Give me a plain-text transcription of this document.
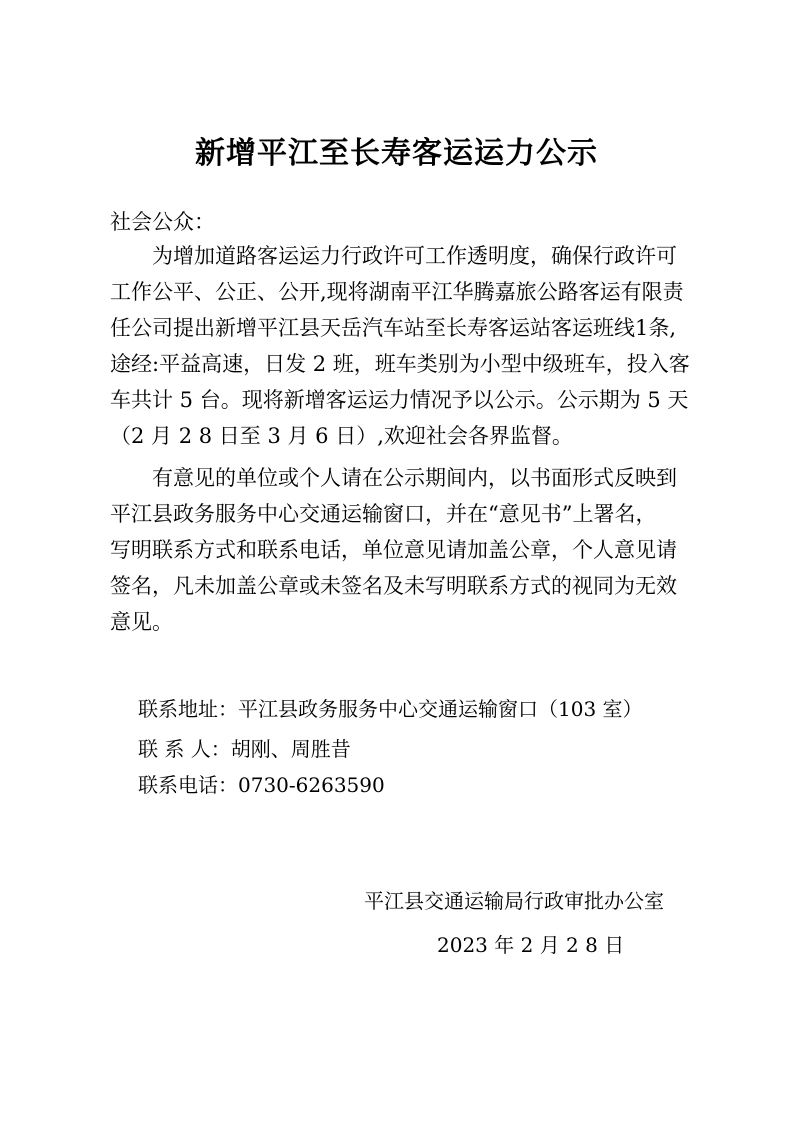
新增平江至长寿客运运力公示
社会公众：
　　为增加道路客运运力行政许可工作透明度，确保行政许可
工作公平、公正、公开,现将湖南平江华腾嘉旅公路客运有限责
任公司提出新增平江县天岳汽车站至长寿客运站客运班线1条,
途经:平益高速，日发 2 班，班车类别为小型中级班车，投入客
车共计 5 台。现将新增客运运力情况予以公示。公示期为 5 天
（2 月 2 8 日至 3 月 6 日）,欢迎社会各界监督。
　　有意见的单位或个人请在公示期间内，以书面形式反映到
平江县政务服务中心交通运输窗口，并在“意见书”上署名，
写明联系方式和联系电话，单位意见请加盖公章，个人意见请
签名，凡未加盖公章或未签名及未写明联系方式的视同为无效
意见。
联系地址：平江县政务服务中心交通运输窗口（103 室）
联 系 人：胡刚、周胜昔
联系电话：0730-6263590
平江县交通运输局行政审批办公室
2023 年 2 月 2 8 日
